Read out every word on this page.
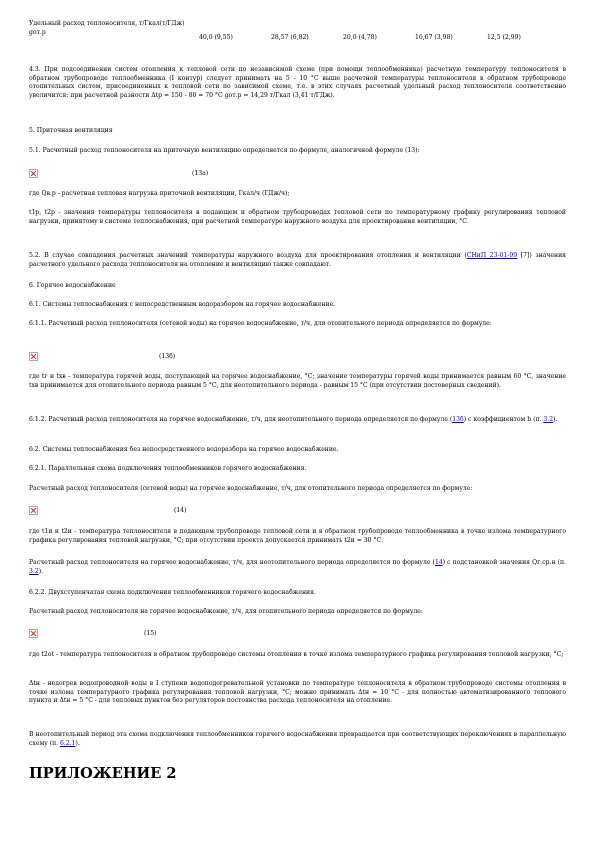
Удельный расход теплоносителя, т/Гкал(т/ГДж) gот.р	40,0 (9,55)	28,57 (6,82)	20,0 (4,78)	16,67 (3,98)	12,5 (2,99)

4.3. При подсоединении систем отопления к тепловой сети по независимой схеме (при помощи теплообменника) расчетную температуру теплоносителя в обратном трубопроводе теплообменника (I контур) следует принимать на 5 - 10 °С выше расчетной температуры теплоносителя в обратном трубопроводе отопительных систем, присоединенных к тепловой сети по зависимой схеме, т.е. в этих случаях расчетный удельный расход теплоносителя соответственно увеличится: при расчетной разности Δtр = 150 - 80 = 70 °С gот.р = 14,29 т/Гкал (3,41 т/ГДж).

5. Приточная вентиляция

5.1. Расчетный расход теплоносителя на приточную вентиляцию определяется по формуле, аналогичной формуле (13):

(13а)

где Qв.р - расчетная тепловая нагрузка приточной вентиляции, Гкал/ч (ГДж/ч);

t1р, t2р - значения температуры теплоносителя в подающем и обратном трубопроводах тепловой сети по температурному графику регулирования тепловой нагрузки, принятому в системе теплоснабжения, при расчетной температуре наружного воздуха для проектирования вентиляции, °С.

5.2. В случае совпадения расчетных значений температуры наружного воздуха для проектирования отопления и вентиляции (СНиП 23-01-99 [7]) значения расчетного удельного расхода теплоносителя на отопление и вентиляцию также совпадают.

6. Горячее водоснабжение

6.1. Системы теплоснабжения с непосредственным водоразбором на горячее водоснабжение.

6.1.1. Расчетный расход теплоносителя (сетевой воды) на горячее водоснабжение, т/ч, для отопительного периода определяется по формуле:

(13б)

где tг и tхв - температура горячей воды, поступающей на горячее водоснабжение, °С; значение температуры горячей воды принимается равным 60 °С, значение tхв принимается для отопительного периода равным 5 °С, для неотопительного периода - равным 15 °С (при отсутствии достоверных сведений).

6.1.2. Расчетный расход теплоносителя на горячее водоснабжение, т/ч, для неотопительного периода определяется по формуле (13б) с коэффициентом b (п. 3.2).

6.2. Системы теплоснабжения без непосредственного водоразбора на горячее водоснабжение.

6.2.1. Параллельная схема подключения теплообменников горячего водоснабжения.

Расчетный расход теплоносителя (сетевой воды) на горячее водоснабжение, т/ч, для отопительного периода определяется по формуле:

(14)

где t1и и t2и - температура теплоносителя в подающем трубопроводе тепловой сети и в обратном трубопроводе теплообменника в точке излома температурного графика регулирования тепловой нагрузки, °С; при отсутствии проекта допускается принимать t2и = 30 °С.

Расчетный расход теплоносителя на горячее водоснабжение, т/ч, для неотопительного периода определяется по формуле (14) с подстановкой значения Qг.ср.н (п. 3.2).

6.2.2. Двухступенчатая схема подключения теплообменников горячего водоснабжения.

Расчетный расход теплоносителя на горячее водоснабжение, т/ч, для отопительного периода определяется по формуле:

(15)

где t2оt - температура теплоносителя в обратном трубопроводе системы отопления в точке излома температурного графика регулирования тепловой нагрузки, °С;

Δtн - недогрев водопроводной воды в I ступени водоподогревательной установки по температуре теплоносителя в обратном трубопроводе системы отопления в точке излома температурного графика регулирования тепловой нагрузки, °С; можно принимать Δtн = 10 °С - для полностью автоматизированного теплового пункта и Δtн = 5 °С - для тепловых пунктов без регуляторов постоянства расхода теплоносителя на отопление.

В неотопительный период эта схема подключения теплообменников горячего водоснабжения превращается при соответствующих переключениях в параллельную схему (п. 6.2.1).

ПРИЛОЖЕНИЕ 2
